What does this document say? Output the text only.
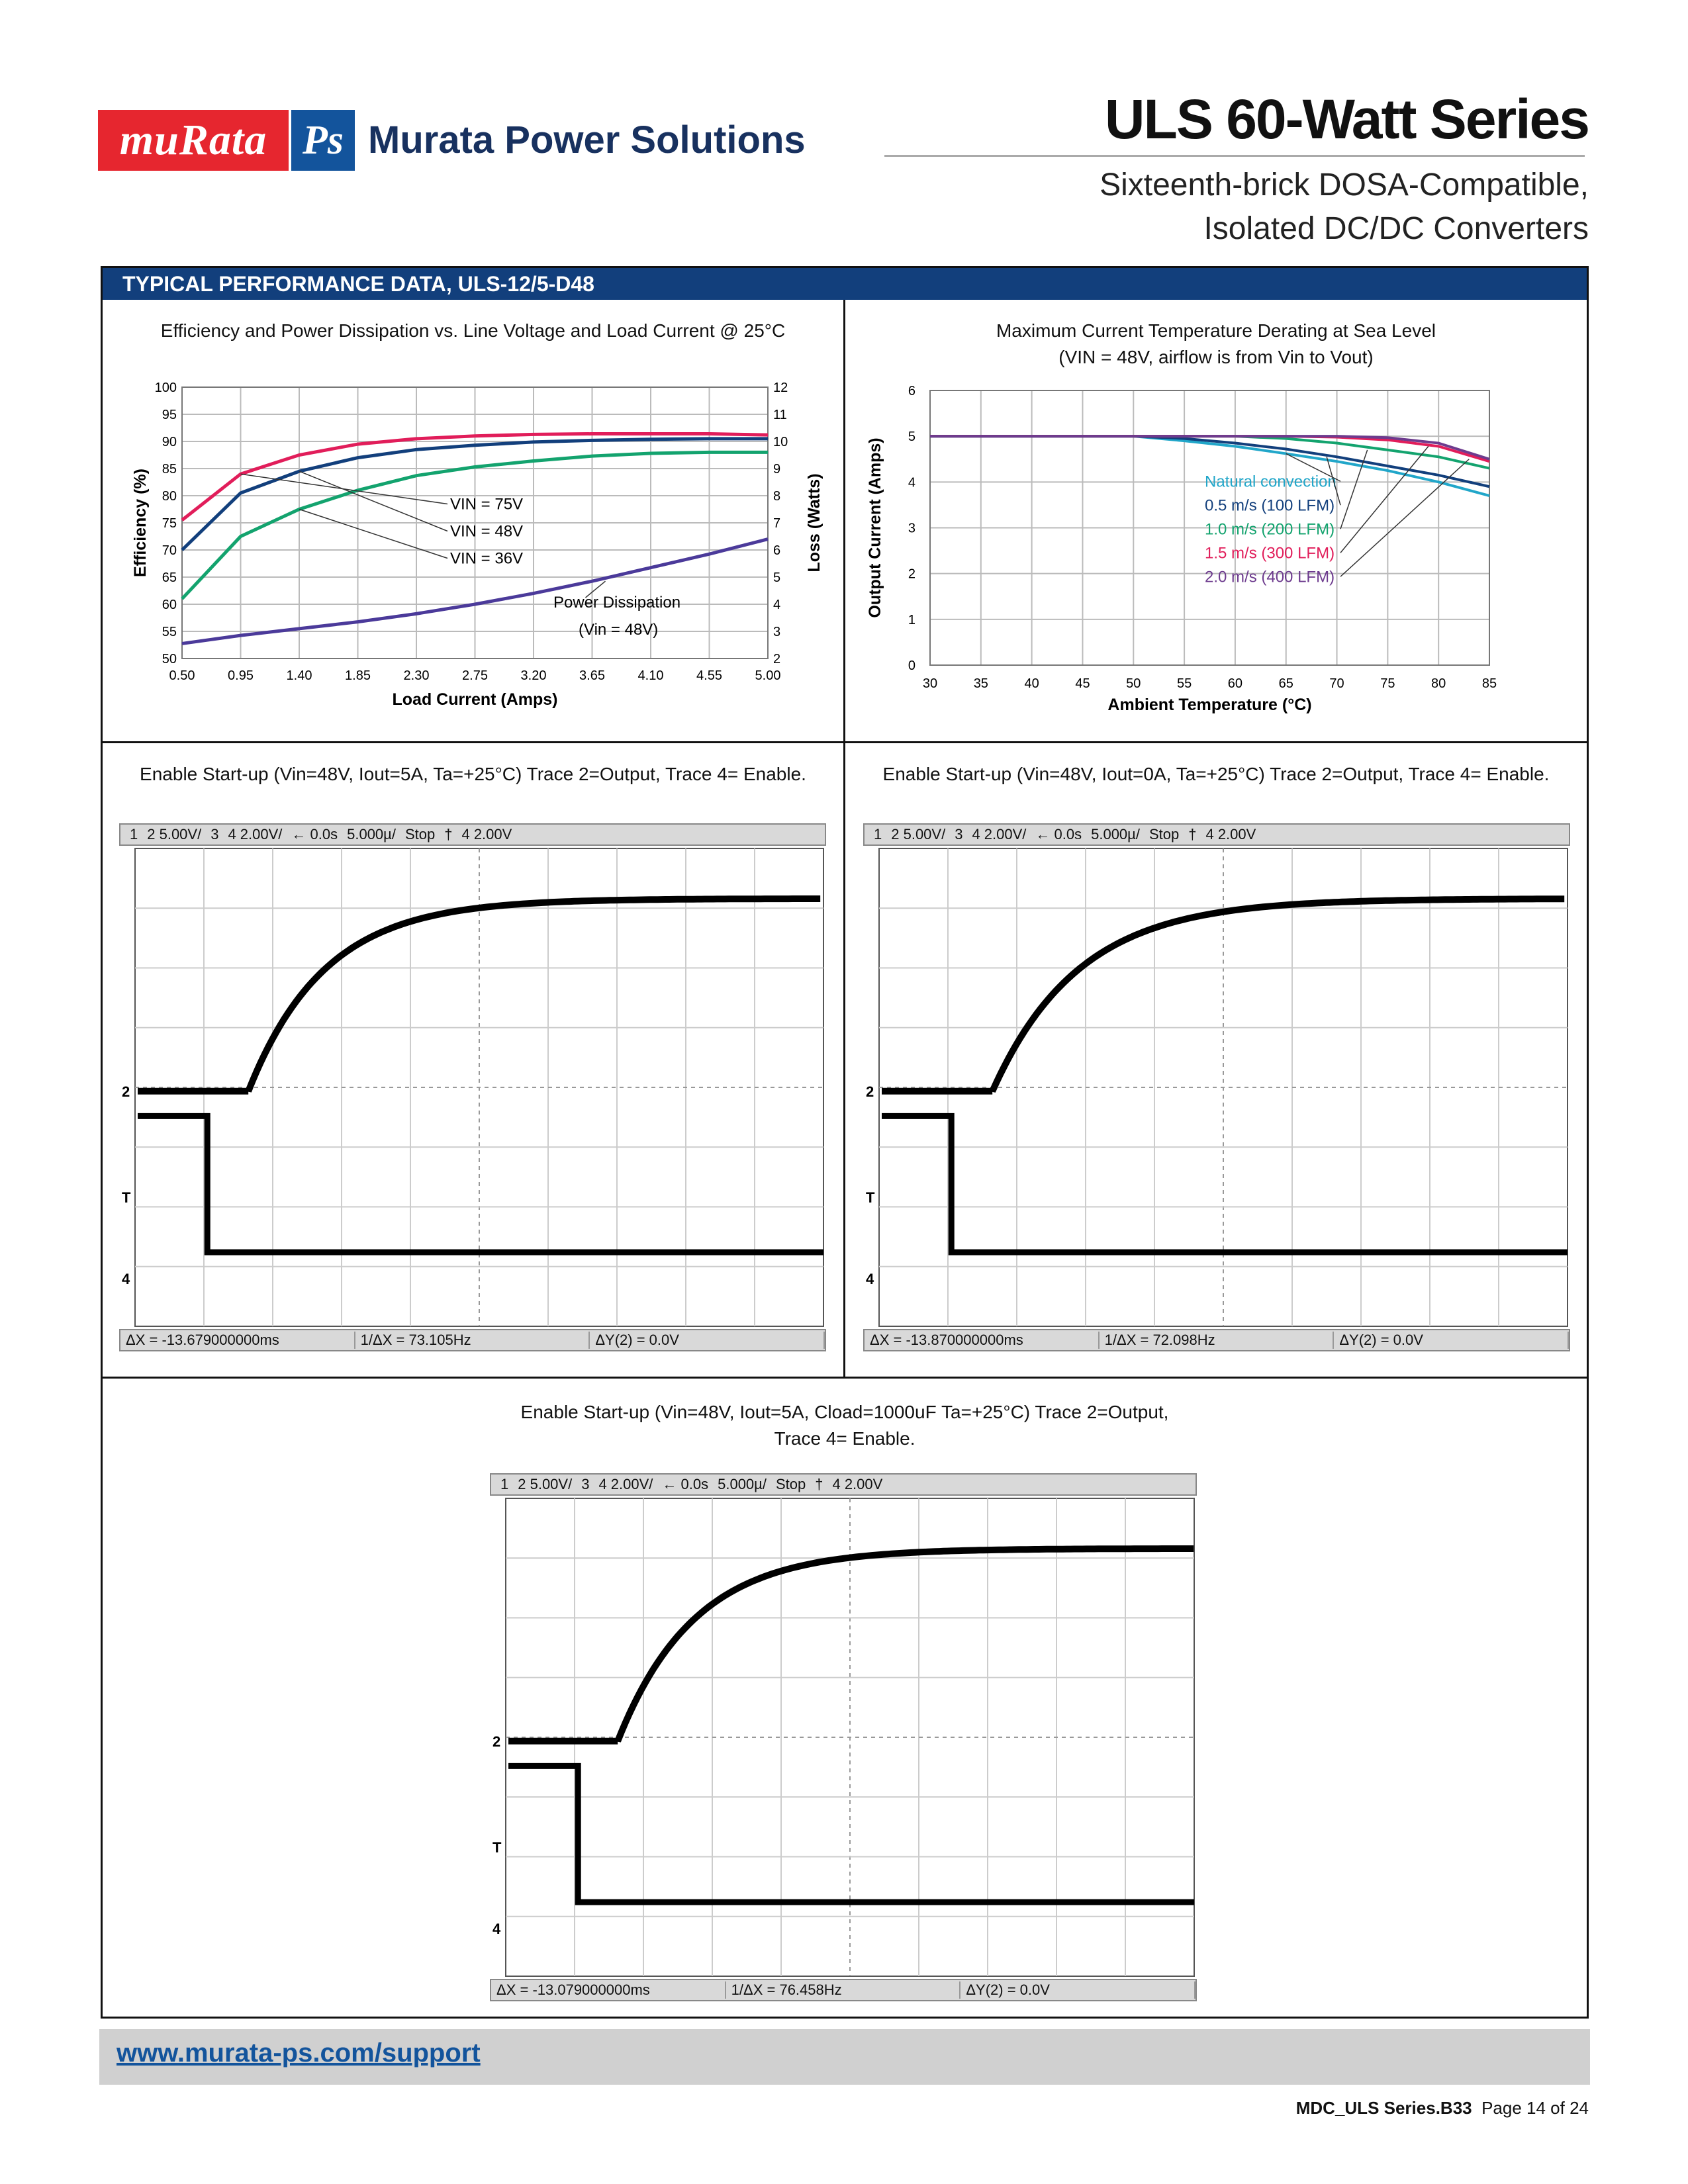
muRata Ps Murata Power Solutions	ULS 60-Watt Series
Sixteenth-brick DOSA-Compatible,
Isolated DC/DC Converters
TYPICAL PERFORMANCE DATA, ULS-12/5-D48
Efficiency and Power Dissipation vs. Line Voltage and Load Current @ 25°C
0.50 0.95 1.40 1.85 2.30 2.75 3.20 3.65 4.10 4.55 5.00
50
55
60
65
70
75
80
85
90
95
100
2
3
4
5
6
7
8
9
10
11
12
Load Current (Amps)
Efficiency (%)	Loss (Watts)
VIN = 75V
VIN = 48V
VIN = 36V
Power Dissipation
(Vin = 48V)
Maximum Current Temperature Derating at Sea Level
(VIN = 48V, airflow is from Vin to Vout)
30	35	40	45	50	55	60	65	70	75	80	85
0
1
2
3
4
5
6
Ambient Temperature (°C)
Output Current (Amps)	Natural convection
0.5 m/s (100 LFM)
1.0 m/s (200 LFM)
1.5 m/s (300 LFM)
2.0 m/s (400 LFM)
Enable Start-up (Vin=48V, Iout=5A, Ta=+25°C) Trace 2=Output, Trace 4= Enable.
1 2 5.00V/ 3 4 2.00V/ ← 0.0s 5.000µ/ Stop † 4 2.00V
2
T
4
ΔX = -13.679000000ms	1/ΔX = 73.105Hz	ΔY(2) = 0.0V
Enable Start-up (Vin=48V, Iout=0A, Ta=+25°C) Trace 2=Output, Trace 4= Enable.
1 2 5.00V/ 3 4 2.00V/ ← 0.0s 5.000µ/ Stop † 4 2.00V
2
T
4
ΔX = -13.870000000ms	1/ΔX = 72.098Hz	ΔY(2) = 0.0V
Enable Start-up (Vin=48V, Iout=5A, Cload=1000uF Ta=+25°C) Trace 2=Output,
Trace 4= Enable.
1 2 5.00V/ 3 4 2.00V/ ← 0.0s 5.000µ/ Stop † 4 2.00V
2
T
4
ΔX = -13.079000000ms	1/ΔX = 76.458Hz	ΔY(2) = 0.0V
www.murata-ps.com/support
MDC_ULS Series.B33 Page 14 of 24
